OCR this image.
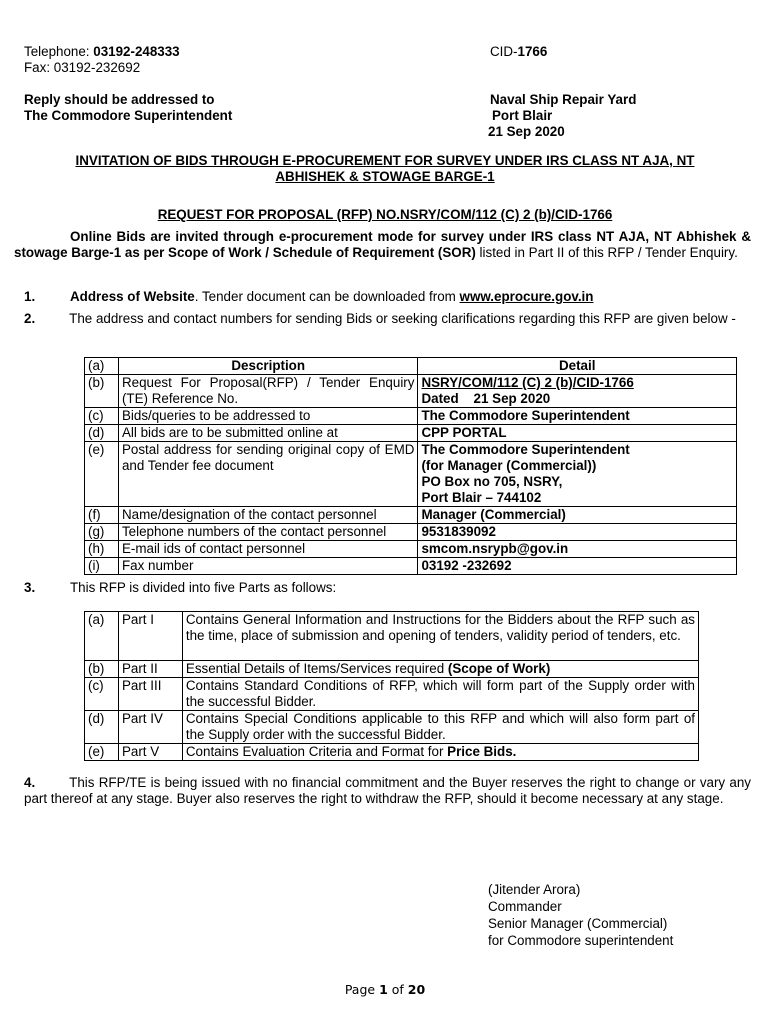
Telephone: 03192-248333
Fax: 03192-232692
CID-1766
Reply should be addressed to
The Commodore Superintendent
Naval Ship Repair Yard
Port Blair
21 Sep 2020
INVITATION OF BIDS THROUGH E-PROCUREMENT FOR SURVEY UNDER IRS CLASS NT AJA, NT
ABHISHEK & STOWAGE BARGE-1
REQUEST FOR PROPOSAL (RFP) NO.NSRY/COM/112 (C) 2 (b)/CID-1766
Online Bids are invited through e-procurement mode for survey under IRS class NT AJA, NT Abhishek & stowage Barge-1 as per Scope of Work / Schedule of Requirement (SOR) listed in Part II of this RFP / Tender Enquiry.
1.	Address of Website. Tender document can be downloaded from www.eprocure.gov.in
2.	The address and contact numbers for sending Bids or seeking clarifications regarding this RFP are given below -
(a)	Description	Detail
(b)	Request For Proposal(RFP) / Tender Enquiry (TE) Reference No.	NSRY/COM/112 (C) 2 (b)/CID-1766
Dated    21 Sep 2020
(c)	Bids/queries to be addressed to	The Commodore Superintendent
(d)	All bids are to be submitted online at	CPP PORTAL
(e)	Postal address for sending original copy of EMD and Tender fee document	The Commodore Superintendent
(for Manager (Commercial))
PO Box no 705, NSRY,
Port Blair – 744102
(f)	Name/designation of the contact personnel	Manager (Commercial)
(g)	Telephone numbers of the contact personnel	9531839092
(h)	E-mail ids of contact personnel	smcom.nsrypb@gov.in
(i)	Fax number	03192 -232692
3.	This RFP is divided into five Parts as follows:
(a)	Part I	Contains General Information and Instructions for the Bidders about the RFP such as the time, place of submission and opening of tenders, validity period of tenders, etc.
(b)	Part II	Essential Details of Items/Services required (Scope of Work)
(c)	Part III	Contains Standard Conditions of RFP, which will form part of the Supply order with the successful Bidder.
(d)	Part IV	Contains Special Conditions applicable to this RFP and which will also form part of the Supply order with the successful Bidder.
(e)	Part V	Contains Evaluation Criteria and Format for Price Bids.
4.	This RFP/TE is being issued with no financial commitment and the Buyer reserves the right to change or vary any part thereof at any stage. Buyer also reserves the right to withdraw the RFP, should it become necessary at any stage.
(Jitender Arora)
Commander
Senior Manager (Commercial)
for Commodore superintendent
Page 1 of 20
